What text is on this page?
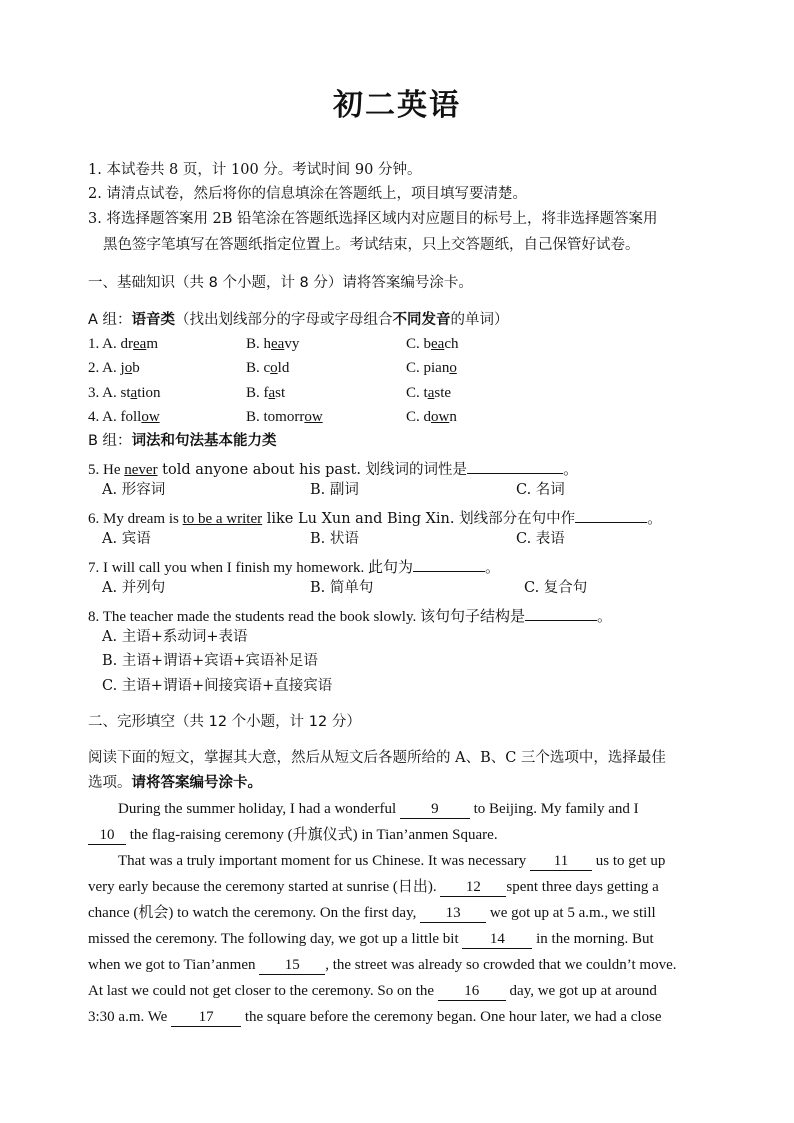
初二英语
1. 本试卷共 8 页，计 100 分。考试时间 90 分钟。
2. 请清点试卷，然后将你的信息填涂在答题纸上，项目填写要清楚。
3. 将选择题答案用 2B 铅笔涂在答题纸选择区域内对应题目的标号上，将非选择题答案用
黑色签字笔填写在答题纸指定位置上。考试结束，只上交答题纸，自己保管好试卷。
一、基础知识（共 8 个小题，计 8 分）请将答案编号涂卡。
A 组：语音类（找出划线部分的字母或字母组合不同发音的单词）
1. A. dream	B. heavy	C. beach
2. A. job	B. cold	C. piano
3. A. station	B. fast	C. taste
4. A. follow	B. tomorrow	C. down
B 组：词法和句法基本能力类
5. He never told anyone about his past. 划线词的词性是	。
A. 形容词	B. 副词	C. 名词
6. My dream is to be a writer like Lu Xun and Bing Xin. 划线部分在句中作	。
A. 宾语	B. 状语	C. 表语
7. I will call you when I finish my homework. 此句为	。
A. 并列句	B. 简单句	C. 复合句
8. The teacher made the students read the book slowly. 该句句子结构是	。
A. 主语+系动词+表语
B. 主语+谓语+宾语+宾语补足语
C. 主语+谓语+间接宾语+直接宾语
二、完形填空（共 12 个小题，计 12 分）
阅读下面的短文，掌握其大意，然后从短文后各题所给的 A、B、C 三个选项中，选择最佳
选项。请将答案编号涂卡。
During the summer holiday, I had a wonderful 9 to Beijing. My family and I
10 the flag-raising ceremony (升旗仪式) in Tian’anmen Square.
That was a truly important moment for us Chinese. It was necessary 11 us to get up
very early because the ceremony started at sunrise (日出). 12 spent three days getting a
chance (机会) to watch the ceremony. On the first day, 13 we got up at 5 a.m., we still
missed the ceremony. The following day, we got up a little bit 14 in the morning. But
when we got to Tian’anmen 15 , the street was already so crowded that we couldn’t move.
At last we could not get closer to the ceremony. So on the 16 day, we got up at around
3:30 a.m. We 17 the square before the ceremony began. One hour later, we had a close
